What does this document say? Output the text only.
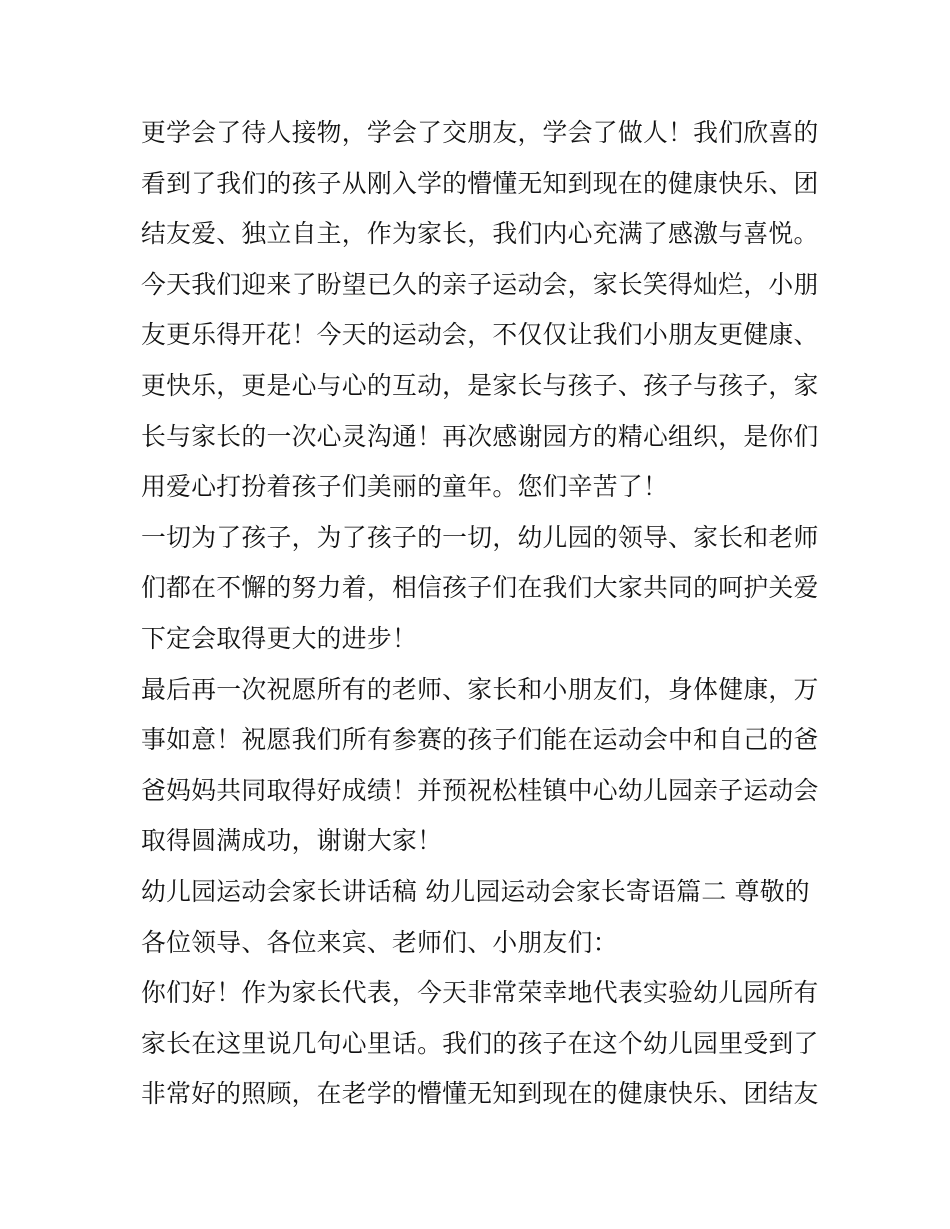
更学会了待人接物，学会了交朋友，学会了做人！我们欣喜的
看到了我们的孩子从刚入学的懵懂无知到现在的健康快乐、团
结友爱、独立自主，作为家长，我们内心充满了感激与喜悦。
今天我们迎来了盼望已久的亲子运动会，家长笑得灿烂，小朋
友更乐得开花！今天的运动会，不仅仅让我们小朋友更健康、
更快乐，更是心与心的互动，是家长与孩子、孩子与孩子，家
长与家长的一次心灵沟通！再次感谢园方的精心组织，是你们
用爱心打扮着孩子们美丽的童年。您们辛苦了！
一切为了孩子，为了孩子的一切，幼儿园的领导、家长和老师
们都在不懈的努力着，相信孩子们在我们大家共同的呵护关爱
下定会取得更大的进步！
最后再一次祝愿所有的老师、家长和小朋友们，身体健康，万
事如意！祝愿我们所有参赛的孩子们能在运动会中和自己的爸
爸妈妈共同取得好成绩！并预祝松桂镇中心幼儿园亲子运动会
取得圆满成功，谢谢大家！
幼儿园运动会家长讲话稿 幼儿园运动会家长寄语篇二 尊敬的
各位领导、各位来宾、老师们、小朋友们：
你们好！作为家长代表，今天非常荣幸地代表实验幼儿园所有
家长在这里说几句心里话。我们的孩子在这个幼儿园里受到了
非常好的照顾，在老学的懵懂无知到现在的健康快乐、团结友
